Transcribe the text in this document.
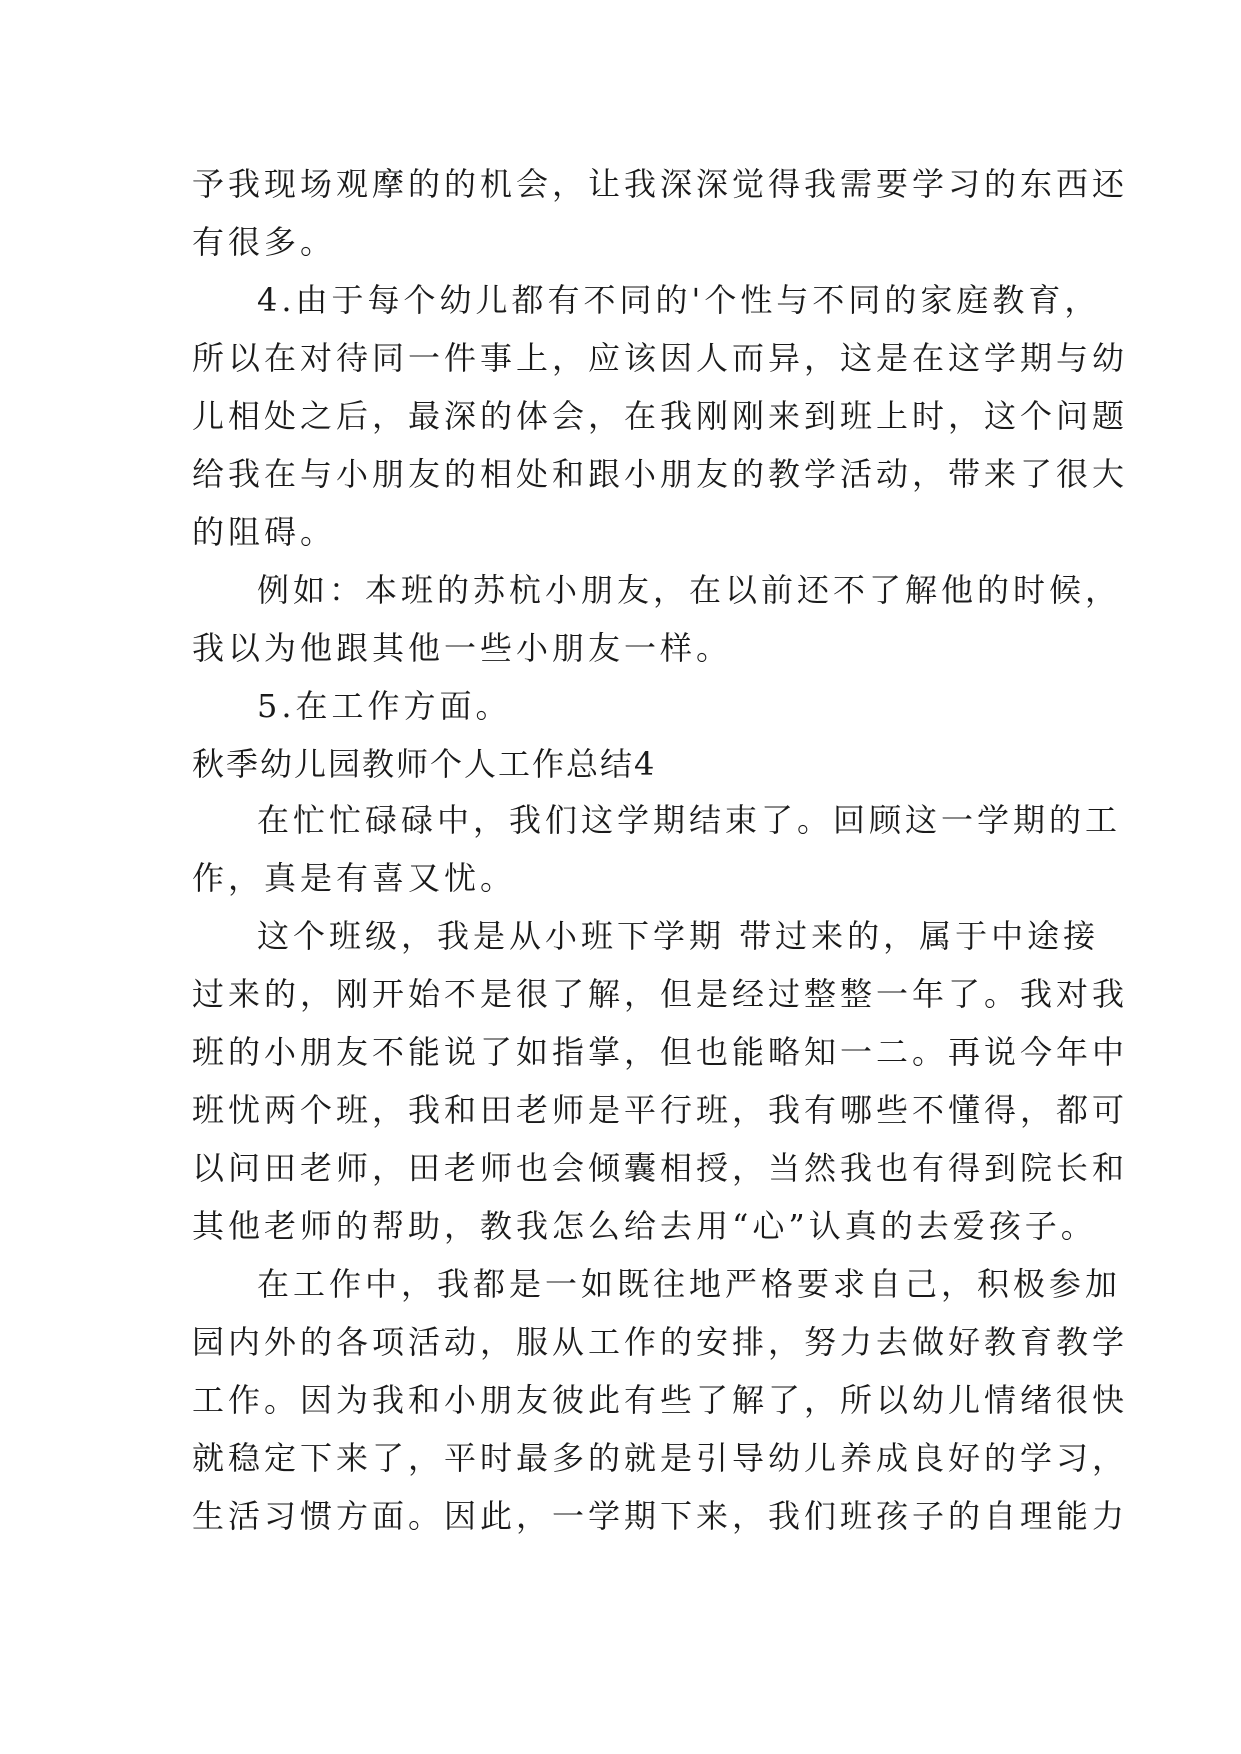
予我现场观摩的的机会，让我深深觉得我需要学习的东西还

有很多。

4.由于每个幼儿都有不同的'个性与不同的家庭教育，

所以在对待同一件事上，应该因人而异，这是在这学期与幼

儿相处之后，最深的体会，在我刚刚来到班上时，这个问题

给我在与小朋友的相处和跟小朋友的教学活动，带来了很大

的阻碍。

例如：本班的苏杭小朋友，在以前还不了解他的时候，

我以为他跟其他一些小朋友一样。

5.在工作方面。

秋季幼儿园教师个人工作总结4

在忙忙碌碌中，我们这学期结束了。回顾这一学期的工

作，真是有喜又忧。

这个班级，我是从小班下学期 带过来的，属于中途接

过来的，刚开始不是很了解，但是经过整整一年了。我对我

班的小朋友不能说了如指掌，但也能略知一二。再说今年中

班忧两个班，我和田老师是平行班，我有哪些不懂得，都可

以问田老师，田老师也会倾囊相授，当然我也有得到院长和

其他老师的帮助，教我怎么给去用“心”认真的去爱孩子。

在工作中，我都是一如既往地严格要求自己，积极参加

园内外的各项活动，服从工作的安排，努力去做好教育教学

工作。因为我和小朋友彼此有些了解了，所以幼儿情绪很快

就稳定下来了，平时最多的就是引导幼儿养成良好的学习，

生活习惯方面。因此，一学期下来，我们班孩子的自理能力
